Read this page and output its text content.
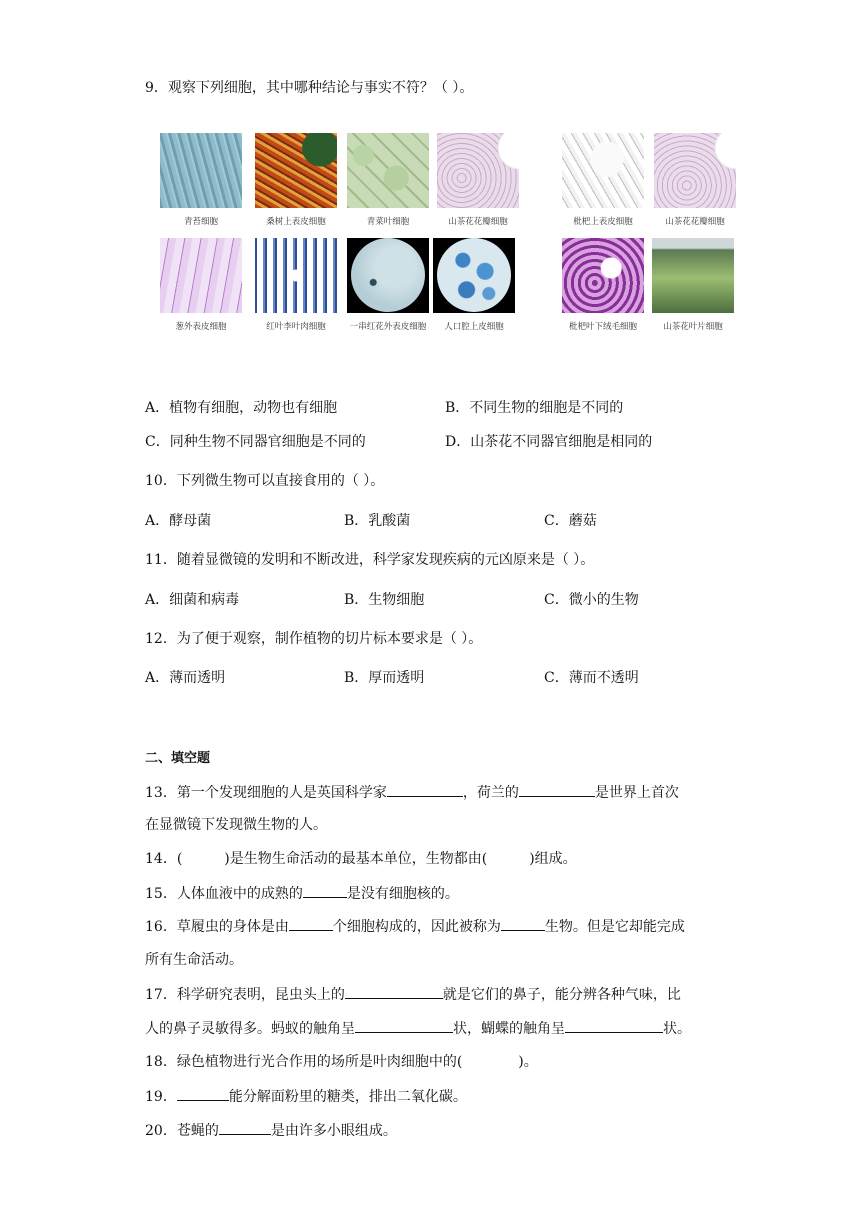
9．观察下列细胞，其中哪种结论与事实不符？（ ）。
青苔细胞	桑树上表皮细胞	青菜叶细胞	山茶花花瓣细胞	枇杷上表皮细胞	山茶花花瓣细胞
葱外表皮细胞	红叶李叶肉细胞	一串红花外表皮细胞	人口腔上皮细胞	枇杷叶下绒毛细胞	山茶花叶片细胞
A．植物有细胞，动物也有细胞	B．不同生物的细胞是不同的
C．同种生物不同器官细胞是不同的	D．山茶花不同器官细胞是相同的
10．下列微生物可以直接食用的（ ）。
A．酵母菌	B．乳酸菌	C．蘑菇
11．随着显微镜的发明和不断改进，科学家发现疾病的元凶原来是（ ）。
A．细菌和病毒	B．生物细胞	C．微小的生物
12．为了便于观察，制作植物的切片标本要求是（ ）。
A．薄而透明	B．厚而透明	C．薄而不透明
二、填空题
13．第一个发现细胞的人是英国科学家	，荷兰的	是世界上首次
在显微镜下发现微生物的人。
14．(	)是生物生命活动的最基本单位，生物都由(	)组成。
15．人体血液中的成熟的	是没有细胞核的。
16．草履虫的身体是由	个细胞构成的，因此被称为	生物。但是它却能完成
所有生命活动。
17．科学研究表明，昆虫头上的	就是它们的鼻子，能分辨各种气味，比
人的鼻子灵敏得多。蚂蚁的触角呈	状，蝴蝶的触角呈	状。
18．绿色植物进行光合作用的场所是叶肉细胞中的(	)。
19．	能分解面粉里的糖类，排出二氧化碳。
20．苍蝇的	是由许多小眼组成。
